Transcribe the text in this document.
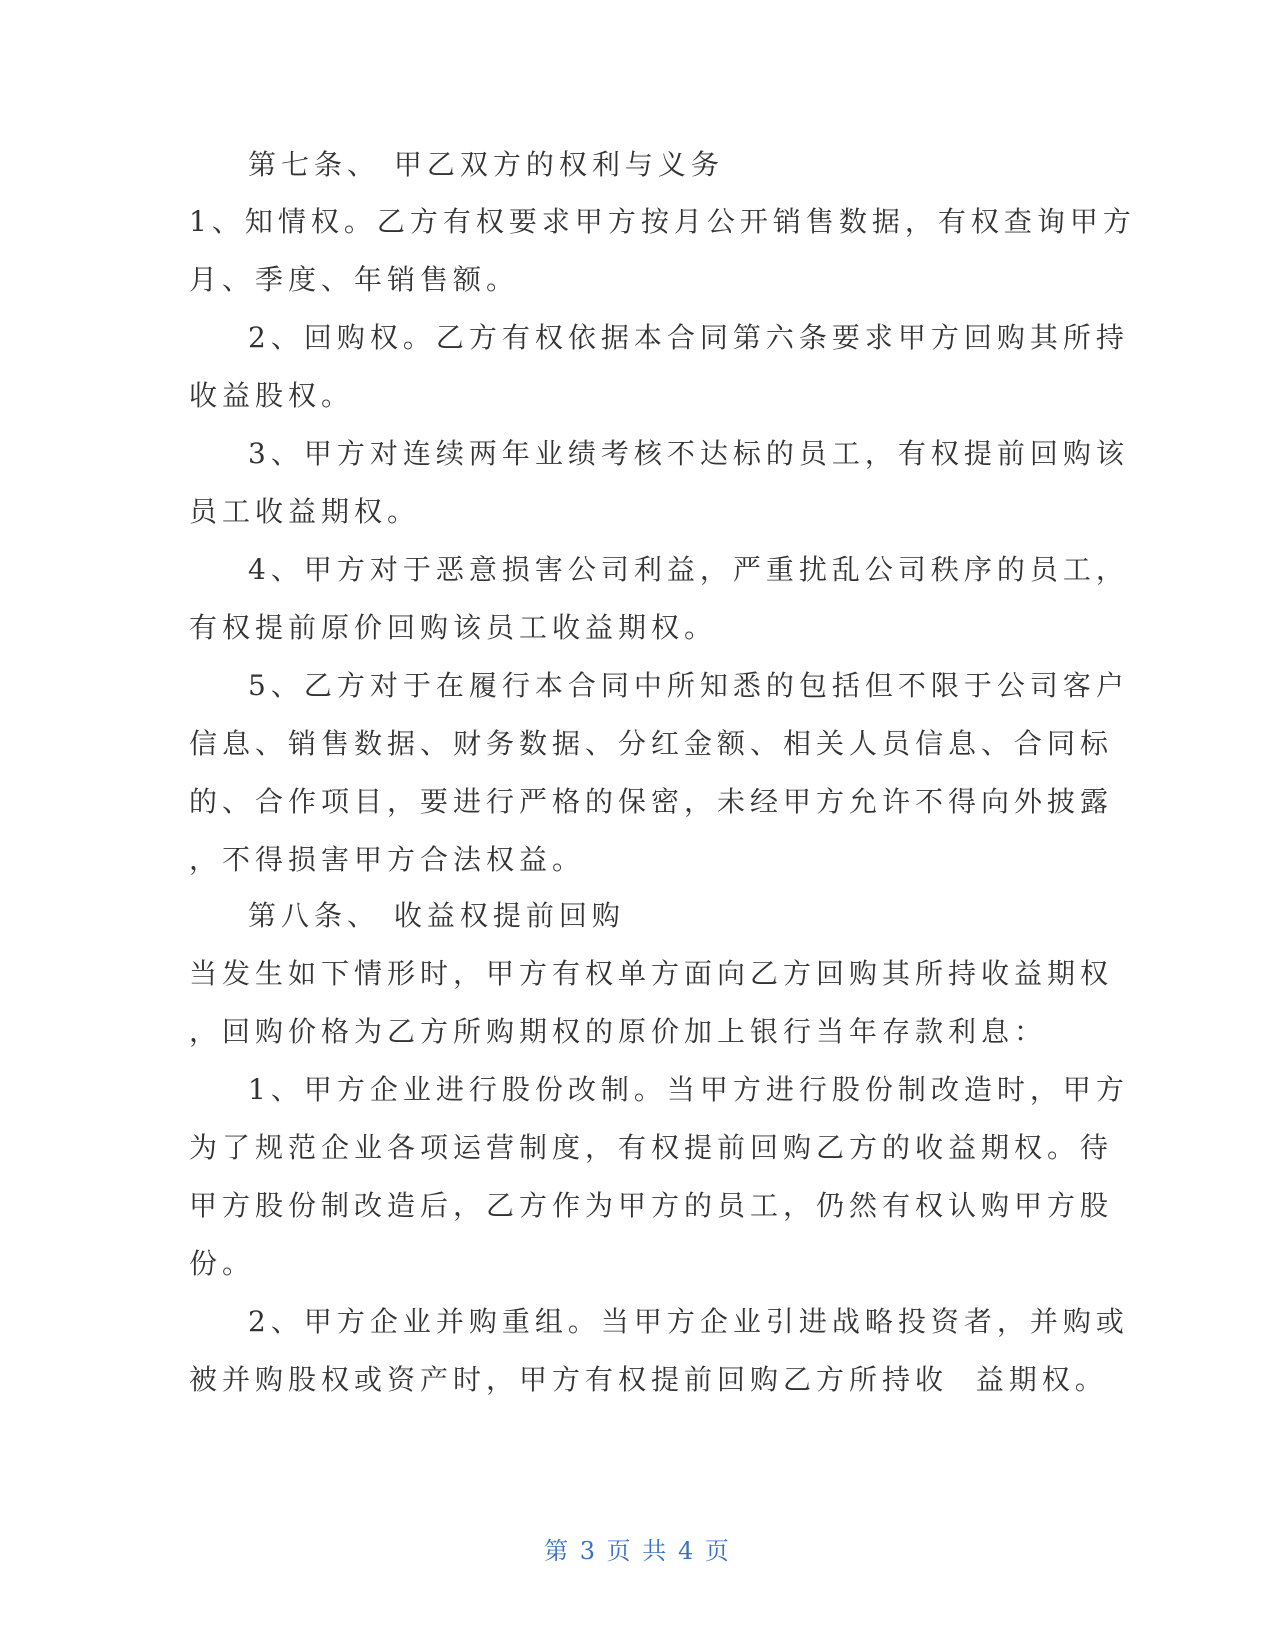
第七条、 甲乙双方的权利与义务
1、知情权。乙方有权要求甲方按月公开销售数据，有权查询甲方
月、季度、年销售额。
2、回购权。乙方有权依据本合同第六条要求甲方回购其所持
收益股权。
3、甲方对连续两年业绩考核不达标的员工，有权提前回购该
员工收益期权。
4、甲方对于恶意损害公司利益，严重扰乱公司秩序的员工，
有权提前原价回购该员工收益期权。
5、乙方对于在履行本合同中所知悉的包括但不限于公司客户
信息、销售数据、财务数据、分红金额、相关人员信息、合同标
的、合作项目，要进行严格的保密，未经甲方允许不得向外披露
，不得损害甲方合法权益。
第八条、 收益权提前回购
当发生如下情形时，甲方有权单方面向乙方回购其所持收益期权
，回购价格为乙方所购期权的原价加上银行当年存款利息：
1、甲方企业进行股份改制。当甲方进行股份制改造时，甲方
为了规范企业各项运营制度，有权提前回购乙方的收益期权。待
甲方股份制改造后，乙方作为甲方的员工，仍然有权认购甲方股
份。
2、甲方企业并购重组。当甲方企业引进战略投资者，并购或
被并购股权或资产时，甲方有权提前回购乙方所持收  益期权。
第 3 页 共 4 页
